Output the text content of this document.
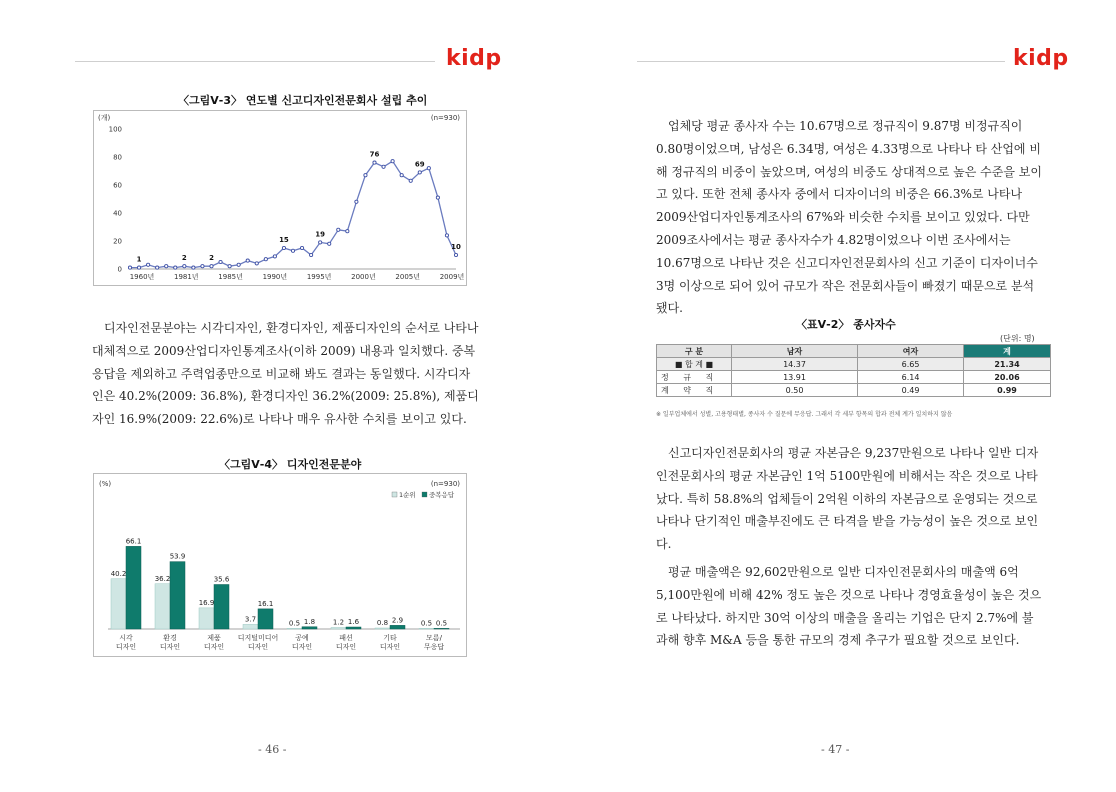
kidp
〈그림Ⅴ-3〉 연도별 신고디자인전문회사 설립 추이
(개)	(n=930)
0
20
40
60
80
100
1	2	2
15
19
76
69
10
1960년	1981년	1985년	1990년	1995년	2000년	2005년	2009년

디자인전문분야는 시각디자인, 환경디자인, 제품디자인의 순서로 나타나 대체적으로 2009산업디자인통계조사(이하 2009) 내용과 일치했다. 중복응답을 제외하고 주력업종만으로 비교해 봐도 결과는 동일했다. 시각디자인은 40.2%(2009: 36.8%), 환경디자인 36.2%(2009: 25.8%), 제품디자인 16.9%(2009: 22.6%)로 나타나 매우 유사한 수치를 보이고 있다.

〈그림Ⅴ-4〉 디자인전문분야
(%)	(n=930)
1순위 중복응답
40.2
66.1
시각
디자인
36.2
53.9
환경
디자인
16.9
35.6
제품
디자인
3.7
16.1
디지털미디어
디자인
0.5 1.8
공예
디자인
1.2 1.6
패션
디자인
0.8 2.9
기타
디자인
0.5 0.5
모름/
무응답
- 46 -
kidp

업체당 평균 종사자 수는 10.67명으로 정규직이 9.87명 비정규직이 0.80명이었으며, 남성은 6.34명, 여성은 4.33명으로 나타나 타 산업에 비해 정규직의 비중이 높았으며, 여성의 비중도 상대적으로 높은 수준을 보이고 있다. 또한 전체 종사자 중에서 디자이너의 비중은 66.3%로 나타나 2009산업디자인통계조사의 67%와 비슷한 수치를 보이고 있었다. 다만 2009조사에서는 평균 종사자수가 4.82명이었으나 이번 조사에서는 10.67명으로 나타난 것은 신고디자인전문회사의 신고 기준이 디자이너수 3명 이상으로 되어 있어 규모가 작은 전문회사들이 빠졌기 때문으로 분석됐다.

〈표Ⅴ-2〉 종사자수
(단위: 명)
구 분	남자	여자	계
■ 합 계 ■	14.37	6.65	21.34
정 규 직	13.91	6.14	20.06
계 약 직	0.50	0.49	0.99
※ 일부업체에서 성별, 고용형태별, 종사자 수 질문에 무응답. 그래서 각 세부 항목의 합과 전체 계가 일치하지 않음

신고디자인전문회사의 평균 자본금은 9,237만원으로 나타나 일반 디자인전문회사의 평균 자본금인 1억 5100만원에 비해서는 작은 것으로 나타났다. 특히 58.8%의 업체들이 2억원 이하의 자본금으로 운영되는 것으로 나타나 단기적인 매출부진에도 큰 타격을 받을 가능성이 높은 것으로 보인다.

평균 매출액은 92,602만원으로 일반 디자인전문회사의 매출액 6억 5,100만원에 비해 42% 정도 높은 것으로 나타나 경영효율성이 높은 것으로 나타났다. 하지만 30억 이상의 매출을 올리는 기업은 단지 2.7%에 불과해 향후 M&A 등을 통한 규모의 경제 추구가 필요할 것으로 보인다.

- 47 -
